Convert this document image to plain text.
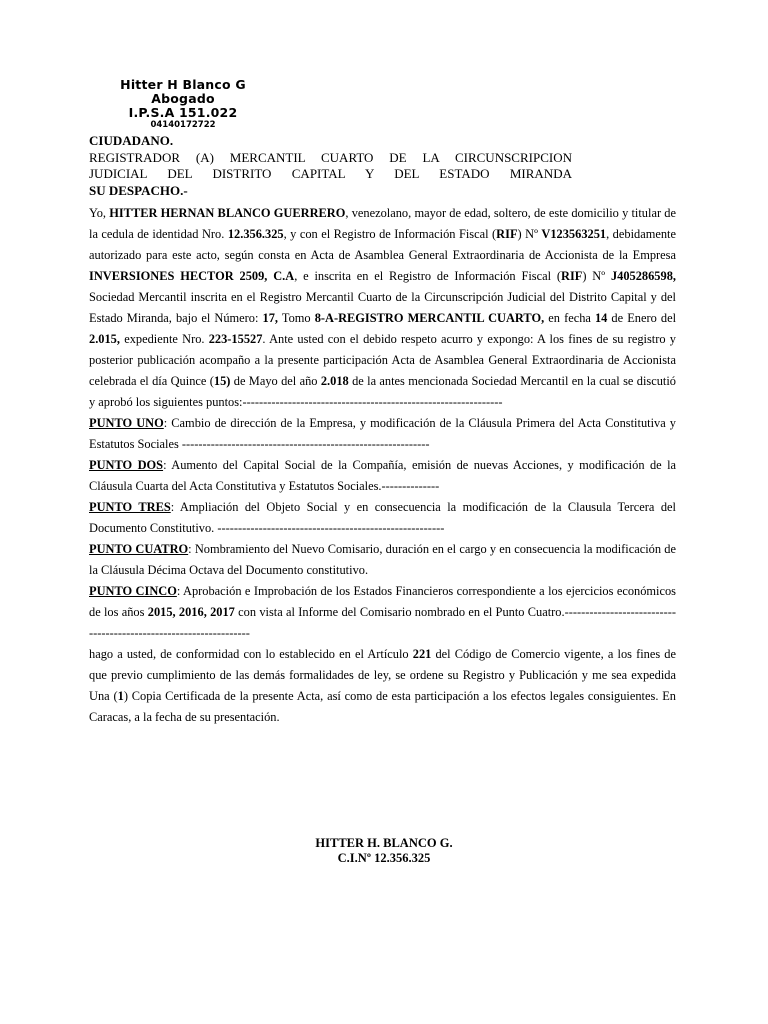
Hitter H Blanco G
Abogado
I.P.S.A 151.022
04140172722
CIUDADANO.
REGISTRADOR (A) MERCANTIL CUARTO DE LA CIRCUNSCRIPCION
JUDICIAL DEL DISTRITO CAPITAL Y DEL ESTADO MIRANDA
SU DESPACHO.-

Yo, HITTER HERNAN BLANCO GUERRERO, venezolano, mayor de edad, soltero, de este domicilio y titular de la cedula de identidad Nro. 12.356.325, y con el Registro de Información Fiscal (RIF) Nº V123563251, debidamente autorizado para este acto, según consta en Acta de Asamblea General Extraordinaria de Accionista de la Empresa INVERSIONES HECTOR 2509, C.A, e inscrita en el Registro de Información Fiscal (RIF) Nº J405286598, Sociedad Mercantil inscrita en el Registro Mercantil Cuarto de la Circunscripción Judicial del Distrito Capital y del Estado Miranda, bajo el Número: 17, Tomo 8-A-REGISTRO MERCANTIL CUARTO, en fecha 14 de Enero del 2.015, expediente Nro. 223-15527. Ante usted con el debido respeto acurro y expongo: A los fines de su registro y posterior publicación acompaño a la presente participación Acta de Asamblea General Extraordinaria de Accionista celebrada el día Quince (15) de Mayo del año 2.018 de la antes mencionada Sociedad Mercantil en la cual se discutió y aprobó los siguientes puntos:---------------------------------------------------------------

PUNTO UNO: Cambio de dirección de la Empresa, y modificación de la Cláusula Primera del Acta Constitutiva y Estatutos Sociales ------------------------------------------------------------

PUNTO DOS: Aumento del Capital Social de la Compañía, emisión de nuevas Acciones, y modificación de la Cláusula Cuarta del Acta Constitutiva y Estatutos Sociales.--------------

PUNTO TRES: Ampliación del Objeto Social y en consecuencia la modificación de la Clausula Tercera del Documento Constitutivo. -------------------------------------------------------

PUNTO CUATRO: Nombramiento del Nuevo Comisario, duración en el cargo y en consecuencia la modificación de la Cláusula Décima Octava del Documento constitutivo.

PUNTO CINCO: Aprobación e Improbación de los Estados Financieros correspondiente a los ejercicios económicos de los años 2015, 2016, 2017 con vista al Informe del Comisario nombrado en el Punto Cuatro.------------------------------------------------------------------

hago a usted, de conformidad con lo establecido en el Artículo 221 del Código de Comercio vigente, a los fines de que previo cumplimiento de las demás formalidades de ley, se ordene su Registro y Publicación y me sea expedida Una (1) Copia Certificada de la presente Acta, así como de esta participación a los efectos legales consiguientes. En Caracas, a la fecha de su presentación.

HITTER H. BLANCO G.
C.I.Nº 12.356.325
